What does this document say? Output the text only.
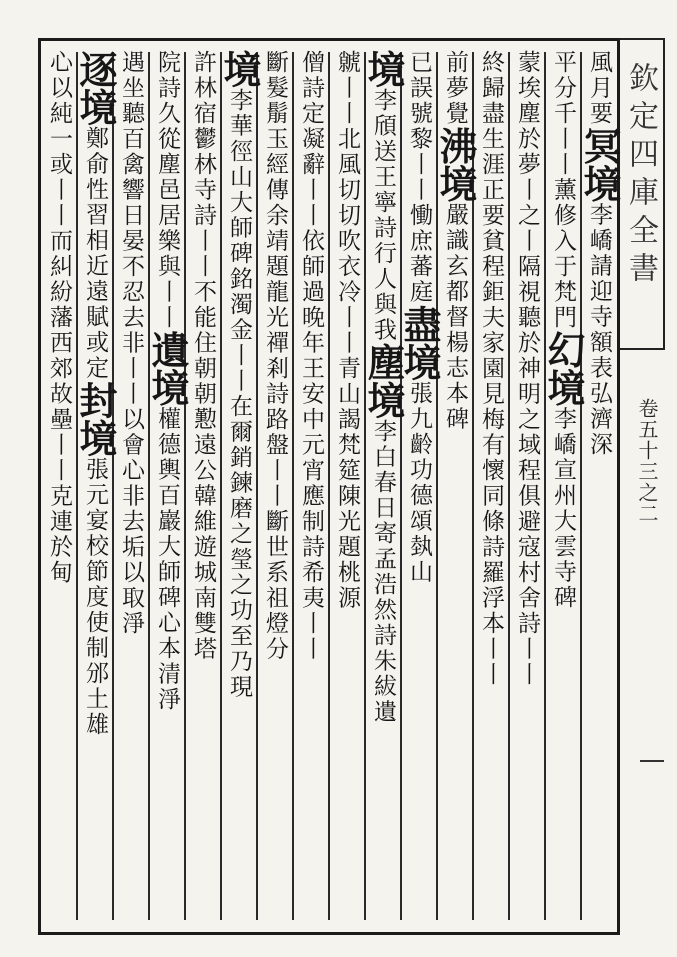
欽定四庫全書
卷五十三之二
風月要冥境李嶠請迎寺額表弘濟深
平分千丨丨薰修入于梵門幻境李嶠宣州大雲寺碑
蒙埃塵於夢丨之丨隔視聽於神明之域程俱避寇村舍詩丨丨
終歸盡生涯正要貧程鉅夫家園見梅有懷同條詩羅浮本丨丨
前夢覺沸境嚴識玄都督楊志本碑
已誤號黎丨丨慟庶蕃庭盡境張九齡功德頌埶山
境李頎送王寧詩行人與我塵境李白春日寄孟浩然詩朱紱遺
虩丨丨北風切切吹衣冷丨丨青山謁梵筵陳光題桃源
僧詩定凝辭丨丨依師過晚年王安中元宵應制詩希夷丨丨
斷髮鬅玉經傳余靖題龍光禪剎詩路盤丨丨斷世系祖燈分
境李華徑山大師碑銘濁金丨丨在爾銷鍊磨之瑩之功至乃現
許林宿鬱林寺詩丨丨不能住朝朝懃遠公韓維遊城南雙塔
院詩久從塵邑居樂與丨丨遺境權德輿百巖大師碑心本清淨
遇坐聽百禽響日晏不忍去非丨丨以會心非去垢以取淨
逐境鄭俞性習相近遠賦或定封境張元宴校節度使制邠土雄
心以純一或丨丨而糾紛藩西郊故壘丨丨克連於甸
